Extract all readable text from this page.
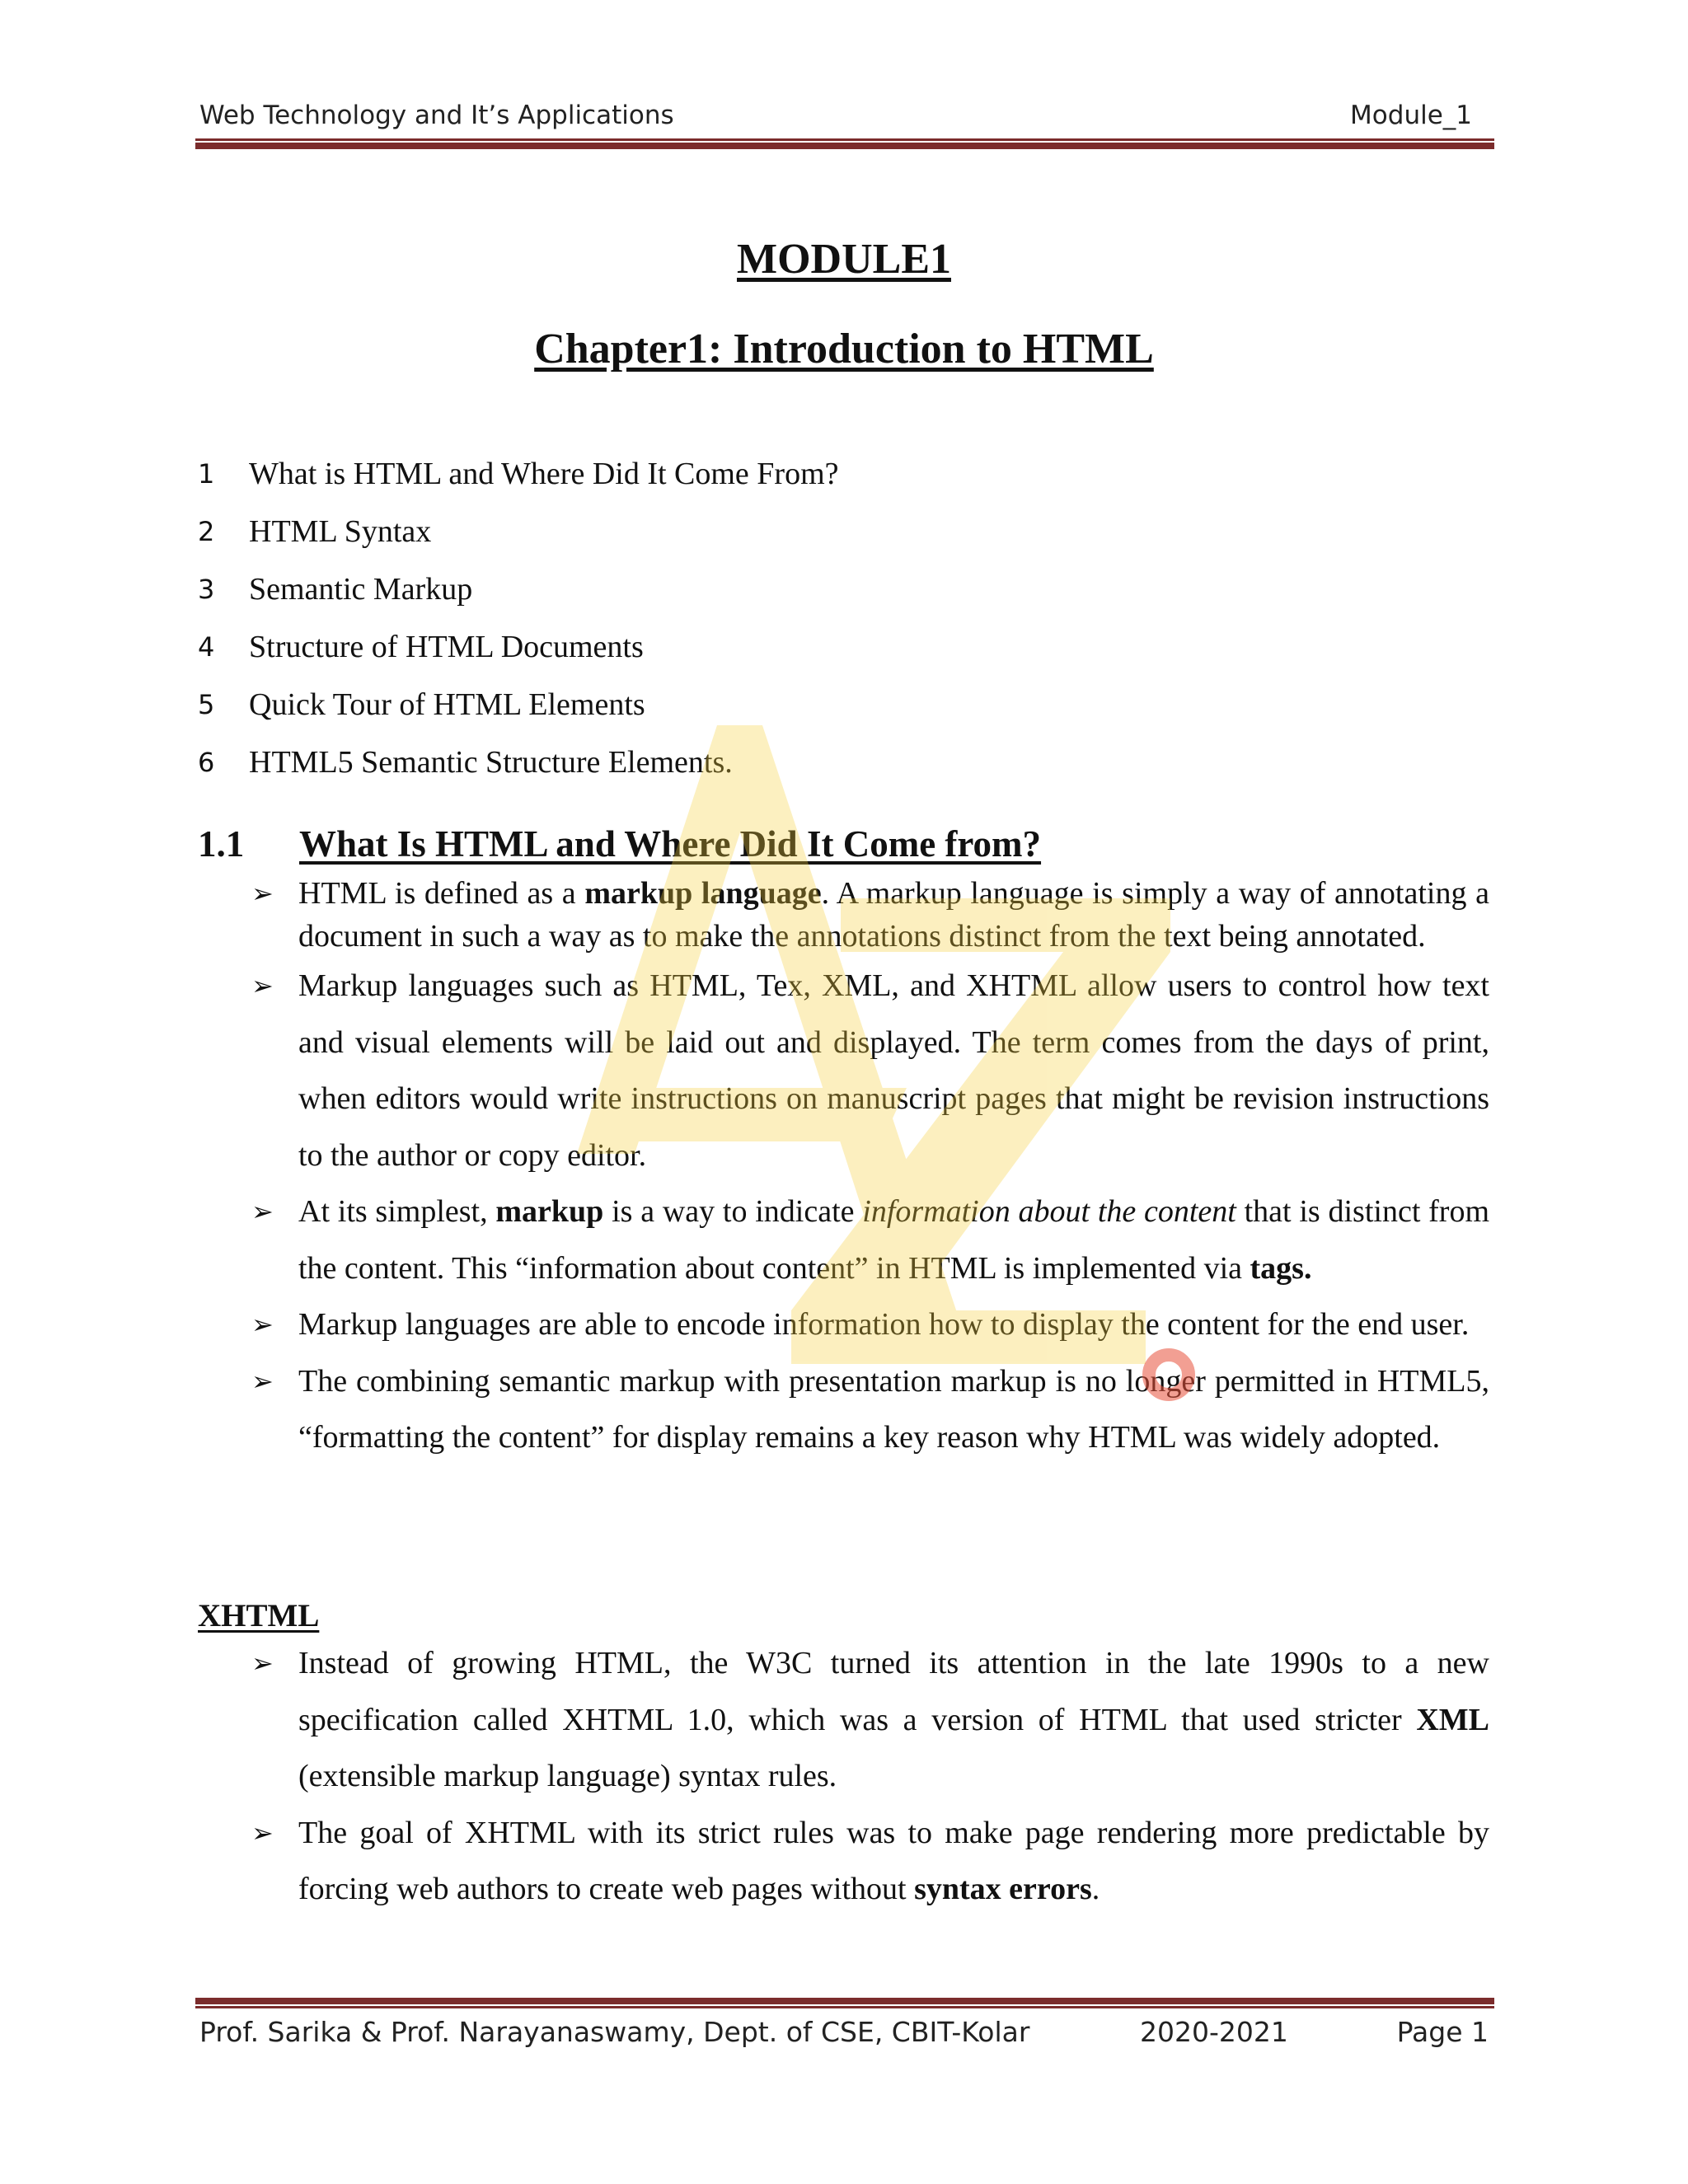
Web Technology and It’s Applications	Module_1
MODULE1
Chapter1: Introduction to HTML
1	What is HTML and Where Did It Come From?
2	HTML Syntax
3	Semantic Markup
4	Structure of HTML Documents
5	Quick Tour of HTML Elements
6	HTML5 Semantic Structure Elements.
1.1 What Is HTML and Where Did It Come from?
➢ HTML is defined as a markup language. A markup language is simply a way of annotating a document in such a way as to make the annotations distinct from the text being annotated.
➢ Markup languages such as HTML, Tex, XML, and XHTML allow users to control how text and visual elements will be laid out and displayed. The term comes from the days of print, when editors would write instructions on manuscript pages that might be revision instructions to the author or copy editor.
➢ At its simplest, markup is a way to indicate information about the content that is distinct from the content. This “information about content” in HTML is implemented via tags.
➢ Markup languages are able to encode information how to display the content for the end user.
➢ The combining semantic markup with presentation markup is no longer permitted in HTML5, “formatting the content” for display remains a key reason why HTML was widely adopted.
XHTML
➢ Instead of growing HTML, the W3C turned its attention in the late 1990s to a new specification called XHTML 1.0, which was a version of HTML that used stricter XML (extensible markup language) syntax rules.
➢ The goal of XHTML with its strict rules was to make page rendering more predictable by forcing web authors to create web pages without syntax errors.
Prof. Sarika & Prof. Narayanaswamy, Dept. of CSE, CBIT-Kolar	2020-2021	Page 1
